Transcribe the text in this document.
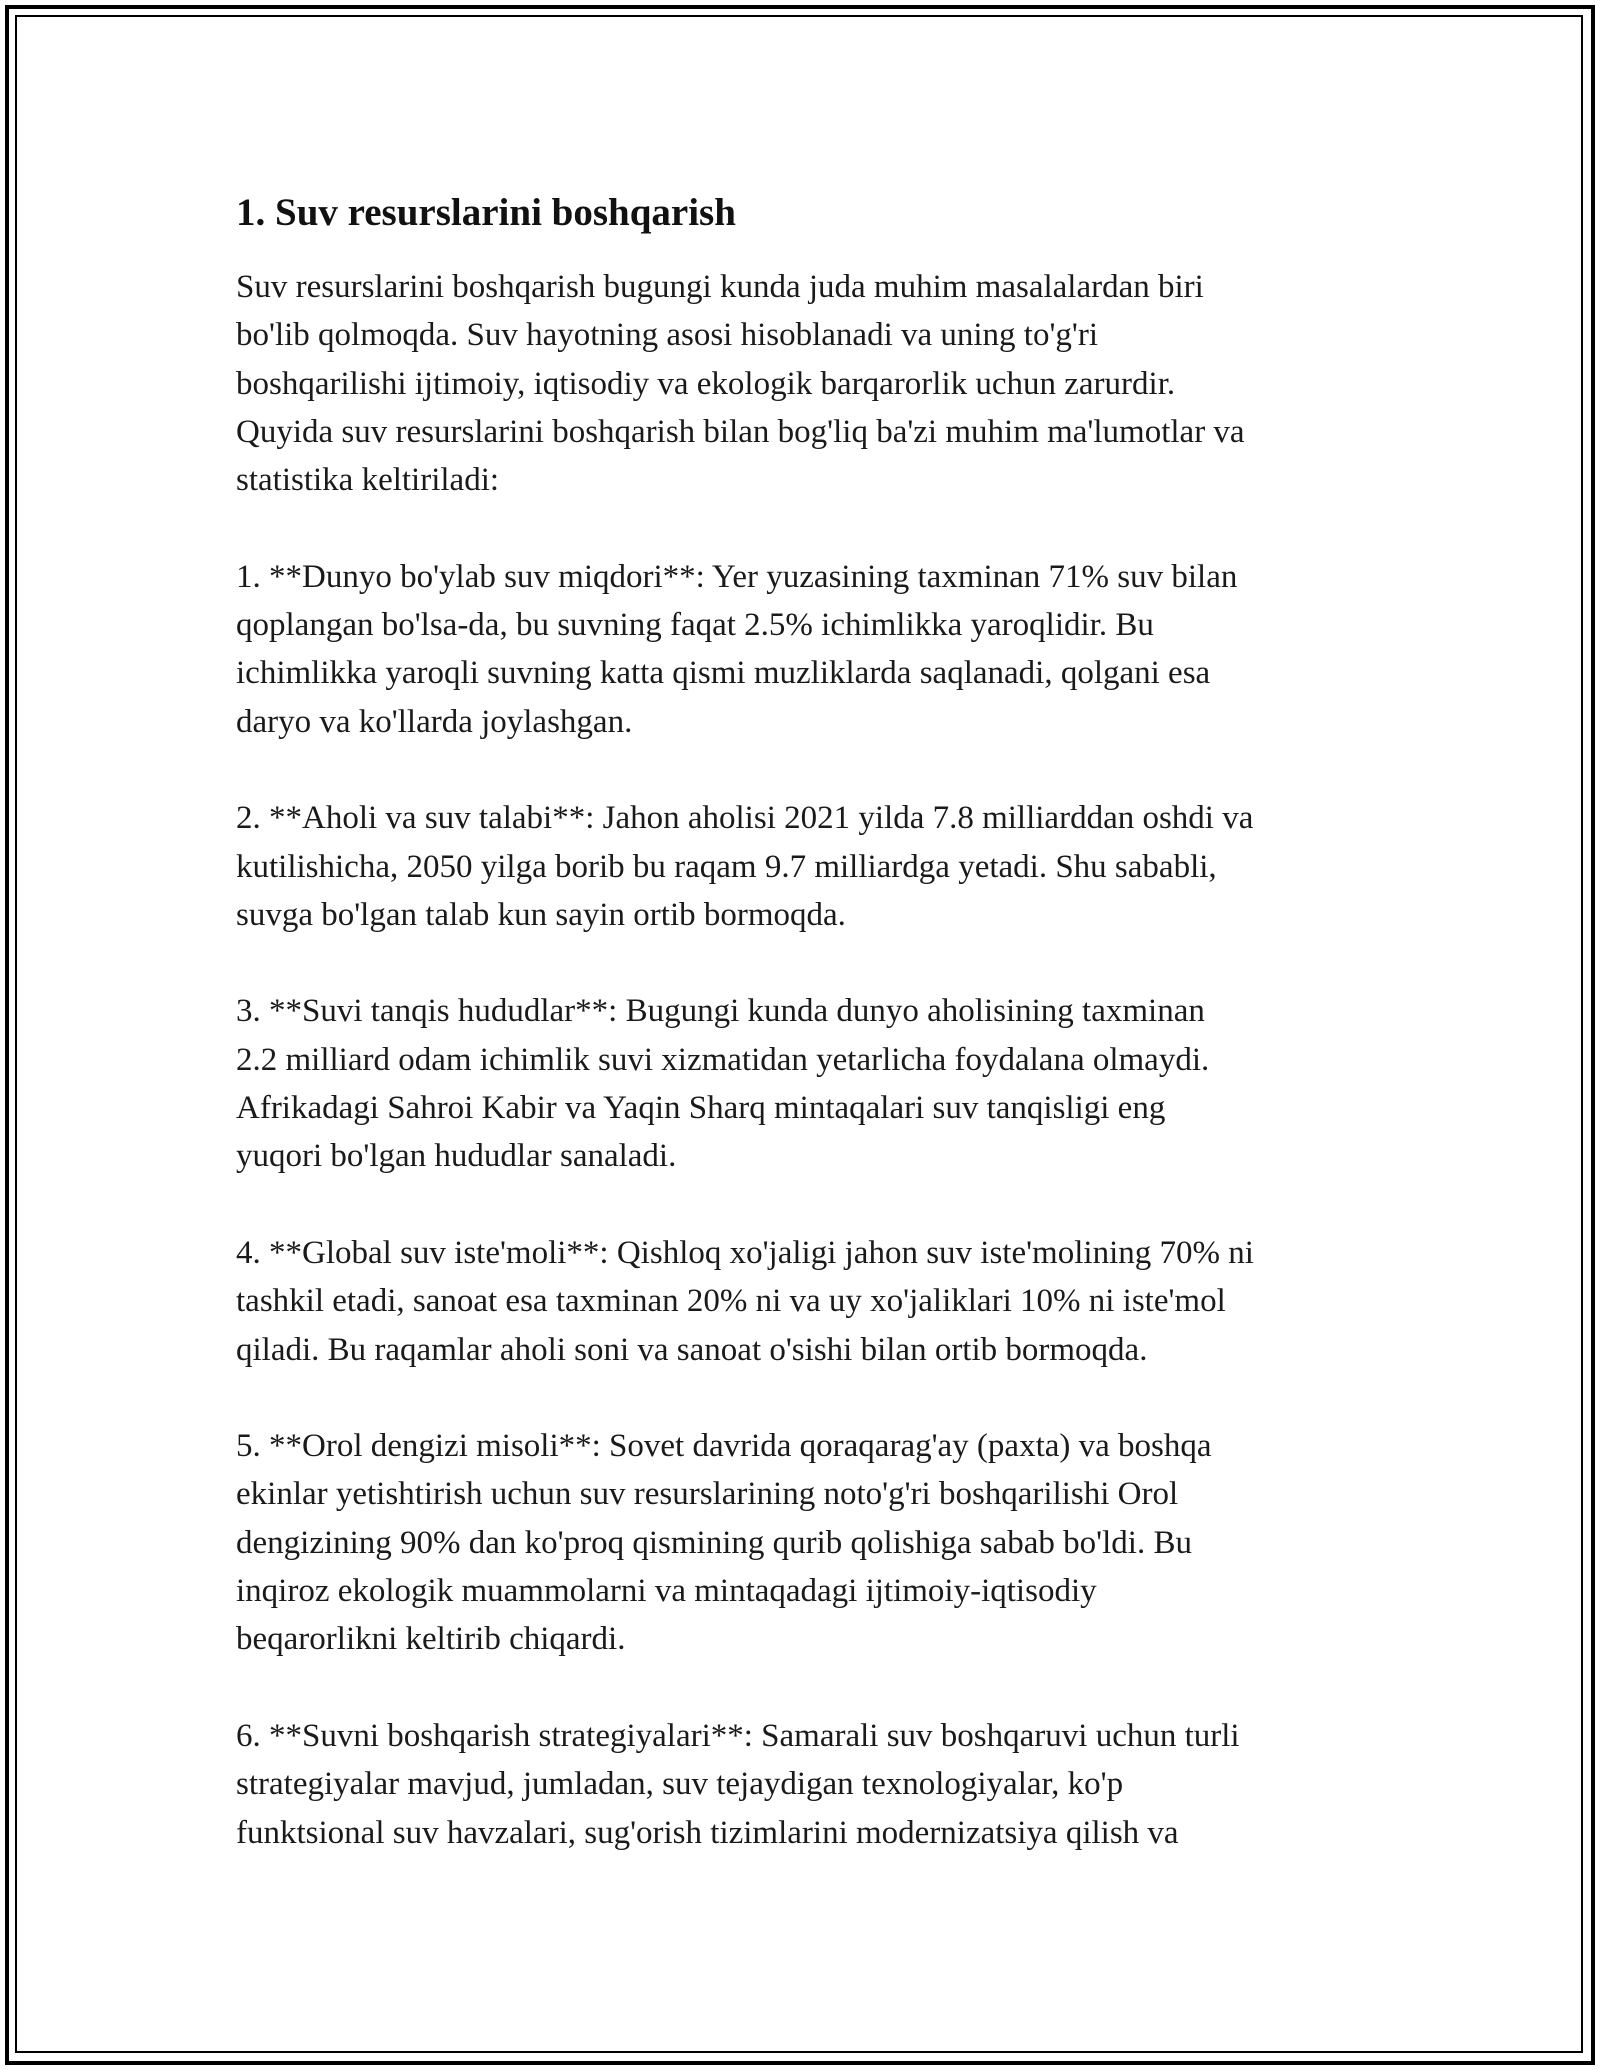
1. Suv resurslarini boshqarish
Suv resurslarini boshqarish bugungi kunda juda muhim masalalardan biri
bo'lib qolmoqda. Suv hayotning asosi hisoblanadi va uning to'g'ri
boshqarilishi ijtimoiy, iqtisodiy va ekologik barqarorlik uchun zarurdir.
Quyida suv resurslarini boshqarish bilan bog'liq ba'zi muhim ma'lumotlar va
statistika keltiriladi:
1. **Dunyo bo'ylab suv miqdori**: Yer yuzasining taxminan 71% suv bilan
qoplangan bo'lsa-da, bu suvning faqat 2.5% ichimlikka yaroqlidir. Bu
ichimlikka yaroqli suvning katta qismi muzliklarda saqlanadi, qolgani esa
daryo va ko'llarda joylashgan.
2. **Aholi va suv talabi**: Jahon aholisi 2021 yilda 7.8 milliarddan oshdi va
kutilishicha, 2050 yilga borib bu raqam 9.7 milliardga yetadi. Shu sababli,
suvga bo'lgan talab kun sayin ortib bormoqda.
3. **Suvi tanqis hududlar**: Bugungi kunda dunyo aholisining taxminan
2.2 milliard odam ichimlik suvi xizmatidan yetarlicha foydalana olmaydi.
Afrikadagi Sahroi Kabir va Yaqin Sharq mintaqalari suv tanqisligi eng
yuqori bo'lgan hududlar sanaladi.
4. **Global suv iste'moli**: Qishloq xo'jaligi jahon suv iste'molining 70% ni
tashkil etadi, sanoat esa taxminan 20% ni va uy xo'jaliklari 10% ni iste'mol
qiladi. Bu raqamlar aholi soni va sanoat o'sishi bilan ortib bormoqda.
5. **Orol dengizi misoli**: Sovet davrida qoraqarag'ay (paxta) va boshqa
ekinlar yetishtirish uchun suv resurslarining noto'g'ri boshqarilishi Orol
dengizining 90% dan ko'proq qismining qurib qolishiga sabab bo'ldi. Bu
inqiroz ekologik muammolarni va mintaqadagi ijtimoiy-iqtisodiy
beqarorlikni keltirib chiqardi.
6. **Suvni boshqarish strategiyalari**: Samarali suv boshqaruvi uchun turli
strategiyalar mavjud, jumladan, suv tejaydigan texnologiyalar, ko'p
funktsional suv havzalari, sug'orish tizimlarini modernizatsiya qilish va
